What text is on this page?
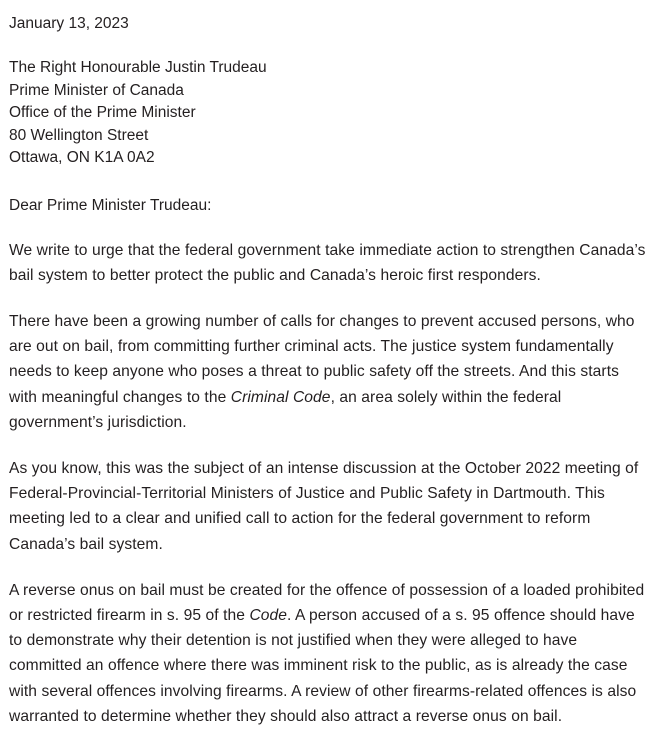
January 13, 2023

The Right Honourable Justin Trudeau

Prime Minister of Canada

Office of the Prime Minister

80 Wellington Street

Ottawa, ON K1A 0A2

Dear Prime Minister Trudeau:

We write to urge that the federal government take immediate action to strengthen Canada’s bail system to better protect the public and Canada’s heroic first responders.

There have been a growing number of calls for changes to prevent accused persons, who are out on bail, from committing further criminal acts. The justice system fundamentally needs to keep anyone who poses a threat to public safety off the streets. And this starts with meaningful changes to the Criminal Code, an area solely within the federal government’s jurisdiction.

As you know, this was the subject of an intense discussion at the October 2022 meeting of Federal-Provincial-Territorial Ministers of Justice and Public Safety in Dartmouth. This meeting led to a clear and unified call to action for the federal government to reform Canada’s bail system.

A reverse onus on bail must be created for the offence of possession of a loaded prohibited or restricted firearm in s. 95 of the Code. A person accused of a s. 95 offence should have to demonstrate why their detention is not justified when they were alleged to have committed an offence where there was imminent risk to the public, as is already the case with several offences involving firearms. A review of other firearms-related offences is also warranted to determine whether they should also attract a reverse onus on bail.
